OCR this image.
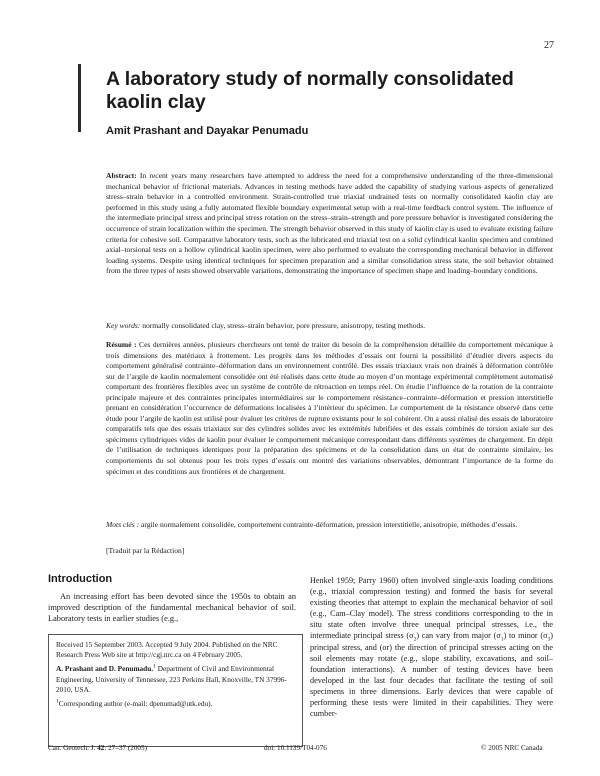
27
A laboratory study of normally consolidated kaolin clay

Amit Prashant and Dayakar Penumadu

Abstract: In recent years many researchers have attempted to address the need for a comprehensive understanding of the three-dimensional mechanical behavior of frictional materials. Advances in testing methods have added the capability of studying various aspects of generalized stress–strain behavior in a controlled environment. Strain-controlled true triaxial undrained tests on normally consolidated kaolin clay are performed in this study using a fully automated flexible boundary experimental setup with a real-time feedback control system. The influence of the intermediate principal stress and principal stress rotation on the stress–strain–strength and pore pressure behavior is investigated considering the occurrence of strain localization within the specimen. The strength behavior observed in this study of kaolin clay is used to evaluate existing failure criteria for cohesive soil. Comparative laboratory tests, such as the lubricated end triaxial test on a solid cylindrical kaolin specimen and combined axial–torsional tests on a hollow cylindrical kaolin specimen, were also performed to evaluate the corresponding mechanical behavior in different loading systems. Despite using identical techniques for specimen preparation and a similar consolidation stress state, the soil behavior obtained from the three types of tests showed observable variations, demonstrating the importance of specimen shape and loading–boundary conditions.

Key words: normally consolidated clay, stress–strain behavior, pore pressure, anisotropy, testing methods.

Résumé : Ces dernières années, plusieurs chercheurs ont tenté de traiter du besoin de la compréhension détaillée du comportement mécanique à trois dimensions des matériaux à frottement. Les progrès dans les méthodes d’essais ont fourni la possibilité d’étudier divers aspects du comportement généralisé contrainte–déformation dans un environnement contrôlé. Des essais triaxiaux vrais non drainés à déformation contrôlée sur de l’argile de kaolin normalement consolidée ont été réalisés dans cette étude au moyen d’un montage expérimental complètement automatisé comportant des frontières flexibles avec un système de contrôle de rétroaction en temps réel. On étudie l’influence de la rotation de la contrainte principale majeure et des contraintes principales intermédiaires sur le comportement résistance–contrainte–déformation et pression interstitielle prenant en considération l’occurrence de déformations localisées à l’intérieur du spécimen. Le comportement de la résistance observé dans cette étude pour l’argile de kaolin est utilisé pour évaluer les critères de rupture existants pour le sol cohérent. On a aussi réalisé des essais de laboratoire comparatifs tels que des essais triaxiaux sur des cylindres solides avec les extrémités lubrifiées et des essais combinés de torsion axiale sur des spécimens cylindriques vides de kaolin pour évaluer le comportement mécanique correspondant dans différents systèmes de chargement. En dépit de l’utilisation de techniques identiques pour la préparation des spécimens et de la consolidation dans un état de contrainte similaire, les comportements du sol obtenus pour les trois types d’essais ont montré des variations observables, démontrant l’importance de la forme du spécimen et des conditions aux frontières et de chargement.

Mots clés : argile normalement consolidée, comportement contrainte-déformation, pression interstitielle, anisotropie, méthodes d’essais.

[Traduit par la Rédaction]

Introduction

An increasing effort has been devoted since the 1950s to obtain an improved description of the fundamental mechanical behavior of soil. Laboratory tests in earlier studies (e.g.,

Received 15 September 2003. Accepted 9 July 2004. Published on the NRC Research Press Web site at http://cgj.nrc.ca on 4 February 2005.

A. Prashant and D. Penumadu.$^1$ Department of Civil and Environmental Engineering, University of Tennessee, 223 Perkins Hall, Knoxville, TN 37996-2010, USA.

$^1$Corresponding author (e-mail: dpenumad@utk.edu).

Henkel 1959; Parry 1960) often involved single-axis loading conditions (e.g., triaxial compression testing) and formed the basis for several existing theories that attempt to explain the mechanical behavior of soil (e.g., Cam–Clay model). The stress conditions corresponding to the in situ state often involve three unequal principal stresses, i.e., the intermediate principal stress $(\sigma_2)$ can vary from major $(\sigma_1)$ to minor $(\sigma_3)$ principal stress, and (or) the direction of principal stresses acting on the soil elements may rotate (e.g., slope stability, excavations, and soil–foundation interactions). A number of testing devices have been developed in the last four decades that facilitate the testing of soil specimens in three dimensions. Early devices that were capable of performing these tests were limited in their capabilities. They were cumber-

Can. Geotech. J. 42: 27–37 (2005)	doi: 10.1139/T04-076	© 2005 NRC Canada
